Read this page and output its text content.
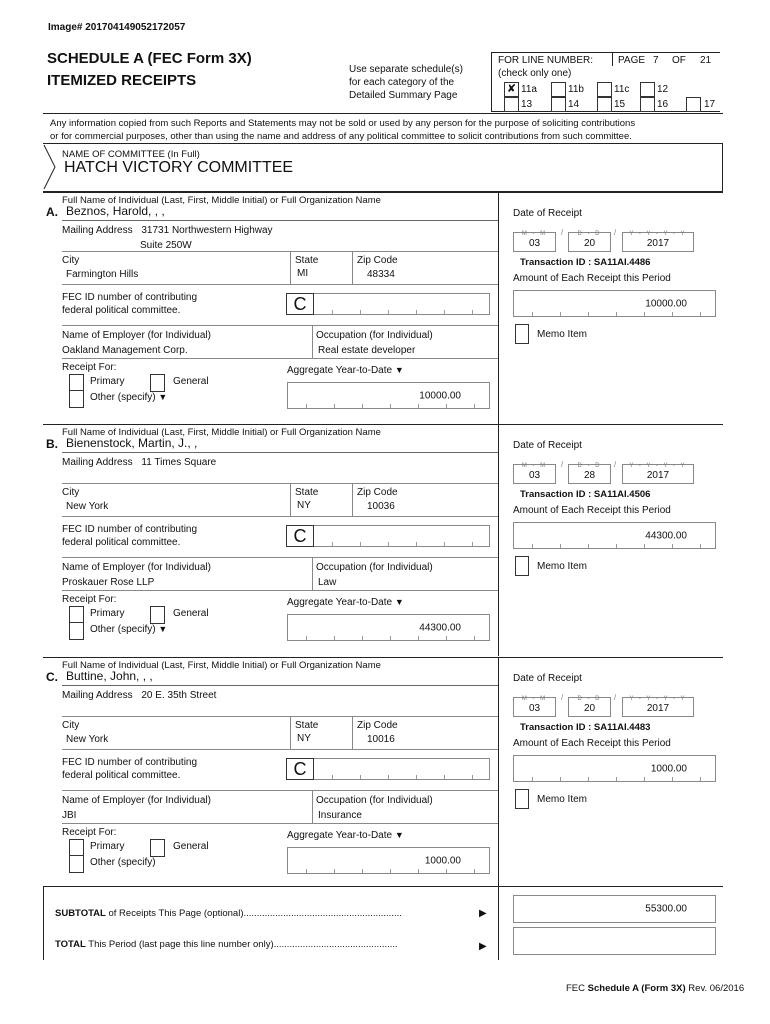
Image# 201704149052172057
SCHEDULE A (FEC Form 3X)
ITEMIZED RECEIPTS
Use separate schedule(s)
for each category of the
Detailed Summary Page
FOR LINE NUMBER:
(check only one)
PAGE 7 OF 21
✘ 11a	11b	11c	12
13	14	15	16	17
Any information copied from such Reports and Statements may not be sold or used by any person for the purpose of soliciting contributions
or for commercial purposes, other than using the name and address of any political committee to solicit contributions from such committee.
NAME OF COMMITTEE (In Full)
HATCH VICTORY COMMITTEE
Full Name of Individual (Last, First, Middle Initial) or Full Organization Name
A. Beznos, Harold, , ,
Mailing Address 31731 Northwestern Highway
Suite 250W
City
Farmington Hills
State
MI
Zip Code
48334
FEC ID number of contributing
federal political committee.	C
Name of Employer (for Individual)
Oakland Management Corp.
Occupation (for Individual)
Real estate developer
Receipt For:
Primary	General
Other (specify) ▼
Aggregate Year-to-Date ▼
10000.00
Date of Receipt
M - M
03
/	D - D
20
/	Y - Y - Y - Y
2017
Transaction ID : SA11AI.4486
Amount of Each Receipt this Period
10000.00
Memo Item
Full Name of Individual (Last, First, Middle Initial) or Full Organization Name
B. Bienenstock, Martin, J., ,
Mailing Address 11 Times Square
City
New York
State
NY
Zip Code
10036
FEC ID number of contributing
federal political committee.	C
Name of Employer (for Individual)
Proskauer Rose LLP
Occupation (for Individual)
Law
Receipt For:
Primary	General
Other (specify) ▼
Aggregate Year-to-Date ▼
44300.00
Date of Receipt
M - M
03
/	D - D
28
/	Y - Y - Y - Y
2017
Transaction ID : SA11AI.4506
Amount of Each Receipt this Period
44300.00
Memo Item
Full Name of Individual (Last, First, Middle Initial) or Full Organization Name
C. Buttine, John, , ,
Mailing Address 20 E. 35th Street
City
New York
State
NY
Zip Code
10016
FEC ID number of contributing
federal political committee.	C
Name of Employer (for Individual)
JBI
Occupation (for Individual)
Insurance
Receipt For:
Primary	General
Other (specify)
Aggregate Year-to-Date ▼
1000.00
Date of Receipt
M - M
03
/	D - D
20
/	Y - Y - Y - Y
2017
Transaction ID : SA11AI.4483
Amount of Each Receipt this Period
1000.00
Memo Item
SUBTOTAL of Receipts This Page (optional)............................................................	▶	55300.00
TOTAL This Period (last page this line number only)...............................................	▶
FEC Schedule A (Form 3X) Rev. 06/2016
